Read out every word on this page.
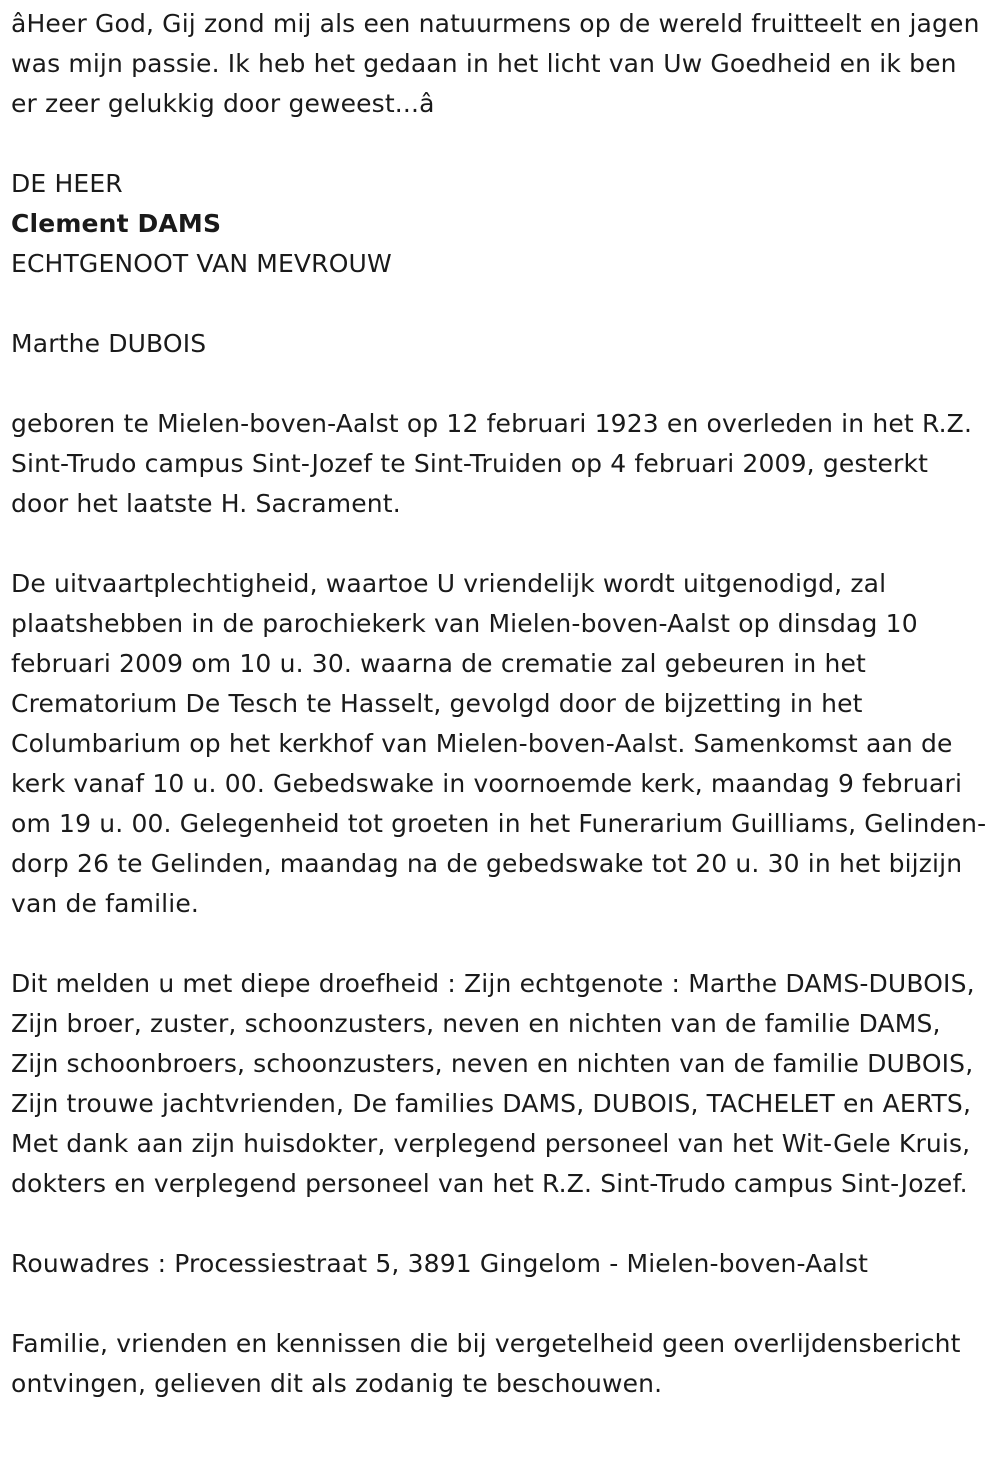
âHeer God, Gij zond mij als een natuurmens op de wereld fruitteelt en jagen was mijn passie. Ik heb het gedaan in het licht van Uw Goedheid en ik ben er zeer gelukkig door geweest...â

DE HEER

Clement DAMS

ECHTGENOOT VAN MEVROUW

Marthe DUBOIS

geboren te Mielen-boven-Aalst op 12 februari 1923 en overleden in het R.Z. Sint-Trudo campus Sint-Jozef te Sint-Truiden op 4 februari 2009, gesterkt door het laatste H. Sacrament.

De uitvaartplechtigheid, waartoe U vriendelijk wordt uitgenodigd, zal plaatshebben in de parochiekerk van Mielen-boven-Aalst op dinsdag 10 februari 2009 om 10 u. 30. waarna de crematie zal gebeuren in het Crematorium De Tesch te Hasselt, gevolgd door de bijzetting in het Columbarium op het kerkhof van Mielen-boven-Aalst. Samenkomst aan de kerk vanaf 10 u. 00. Gebedswake in voornoemde kerk, maandag 9 februari om 19 u. 00. Gelegenheid tot groeten in het Funerarium Guilliams, Gelinden-dorp 26 te Gelinden, maandag na de gebedswake tot 20 u. 30 in het bijzijn van de familie.

Dit melden u met diepe droefheid : Zijn echtgenote : Marthe DAMS-DUBOIS, Zijn broer, zuster, schoonzusters, neven en nichten van de familie DAMS, Zijn schoonbroers, schoonzusters, neven en nichten van de familie DUBOIS, Zijn trouwe jachtvrienden, De families DAMS, DUBOIS, TACHELET en AERTS, Met dank aan zijn huisdokter, verplegend personeel van het Wit-Gele Kruis, dokters en verplegend personeel van het R.Z. Sint-Trudo campus Sint-Jozef.

Rouwadres : Processiestraat 5, 3891 Gingelom - Mielen-boven-Aalst

Familie, vrienden en kennissen die bij vergetelheid geen overlijdensbericht ontvingen, gelieven dit als zodanig te beschouwen.
